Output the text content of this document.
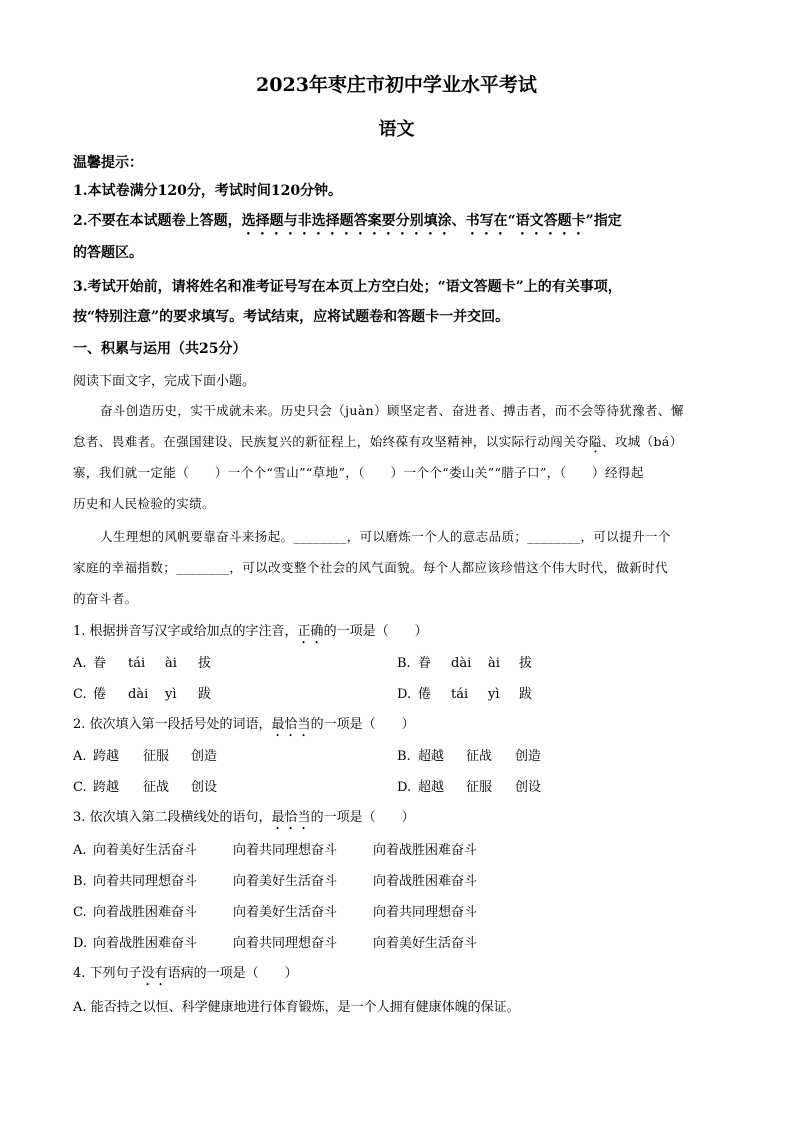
2023年枣庄市初中学业水平考试
语文
温馨提示：
1.本试卷满分120分，考试时间120分钟。
2.不要在本试题卷上答题，选择题与非选择题答案要分别填涂、书写在“语文答题卡”指定
的答题区。
3.考试开始前，请将姓名和准考证号写在本页上方空白处；“语文答题卡”上的有关事项，
按“特别注意”的要求填写。考试结束，应将试题卷和答题卡一并交回。
一、积累与运用（共25分）
阅读下面文字，完成下面小题。
奋斗创造历史，实干成就未来。历史只会（juàn）顾坚定者、奋进者、搏击者，而不会等待犹豫者、懈
怠者、畏难者。在强国建设、民族复兴的新征程上，始终葆有攻坚精神，以实际行动闯关夺隘、攻城（bá）
寨，我们就一定能（　　）一个个“雪山”“草地”，（　　）一个个“娄山关”“腊子口”，（　　）经得起
历史和人民检验的实绩。
人生理想的风帆要靠奋斗来扬起。________，可以磨炼一个人的意志品质；________，可以提升一个
家庭的幸福指数；________，可以改变整个社会的风气面貌。每个人都应该珍惜这个伟大时代，做新时代
的奋斗者。
1. 根据拼音写汉字或给加点的字注音，正确的一项是（　　）
A. 眷 tái ài 拔	B. 眷 dài ài 拔
C. 倦 dài yì 跋	D. 倦 tái yì 跋
2. 依次填入第一段括号处的词语，最恰当的一项是（　　）
A. 跨越 征服 创造	B. 超越 征战 创造
C. 跨越 征战 创设	D. 超越 征服 创设
3. 依次填入第二段横线处的语句，最恰当的一项是（　　）
A. 向着美好生活奋斗	向着共同理想奋斗	向着战胜困难奋斗
B. 向着共同理想奋斗	向着美好生活奋斗	向着战胜困难奋斗
C. 向着战胜困难奋斗	向着美好生活奋斗	向着共同理想奋斗
D. 向着战胜困难奋斗	向着共同理想奋斗	向着美好生活奋斗
4. 下列句子没有语病的一项是（　　）
A. 能否持之以恒、科学健康地进行体育锻炼，是一个人拥有健康体魄的保证。
